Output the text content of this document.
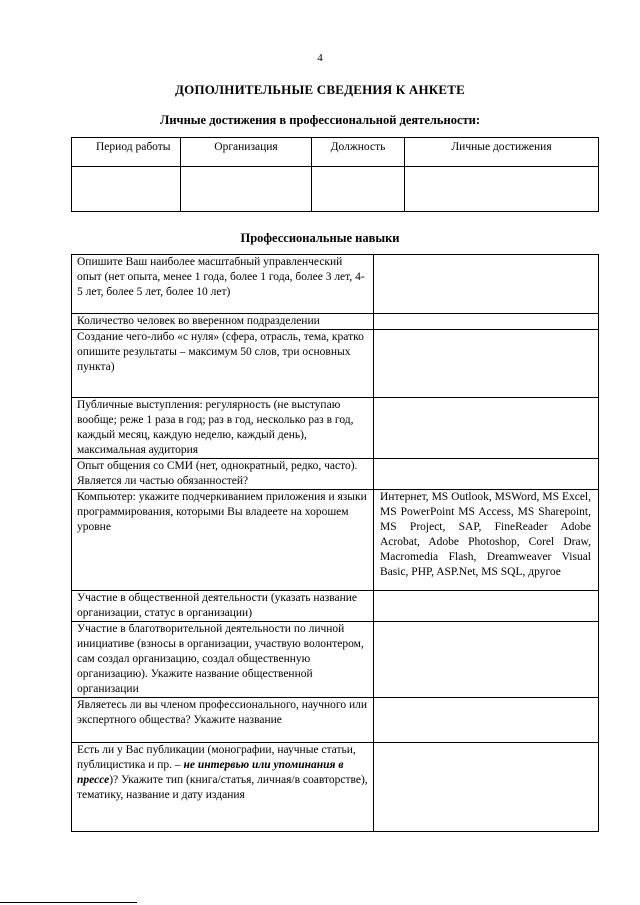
4
ДОПОЛНИТЕЛЬНЫЕ СВЕДЕНИЯ К АНКЕТЕ
Личные достижения в профессиональной деятельности:
Период работы	Организация	Должность	Личные достижения

Профессиональные навыки
Опишите Ваш наиболее масштабный управленческий опыт (нет опыта, менее 1 года, более 1 года, более 3 лет, 4-5 лет, более 5 лет, более 10 лет)	
Количество человек во вверенном подразделении	
Создание чего-либо «с нуля» (сфера, отрасль, тема, кратко опишите результаты – максимум 50 слов, три основных пункта)	
Публичные выступления: регулярность (не выступаю вообще; реже 1 раза в год; раз в год, несколько раз в год, каждый месяц, каждую неделю, каждый день), максимальная аудитория	
Опыт общения со СМИ (нет, однократный, редко, часто). Является ли частью обязанностей?	
Компьютер: укажите подчеркиванием приложения и языки программирования, которыми Вы владеете на хорошем уровне	Интернет, MS Outlook, MSWord, MS Excel, MS PowerPoint MS Access, MS Sharepoint, MS Project, SAP, FineReader Adobe Acrobat, Adobe Photoshop, Corel Draw, Macromedia Flash, Dreamweaver Visual Basic, PHP, ASP.Net, MS SQL, другое
Участие в общественной деятельности (указать название организации, статус в организации)	
Участие в благотворительной деятельности по личной инициативе (взносы в организации, участвую волонтером, сам создал организацию, создал общественную организацию). Укажите название общественной организации	
Являетесь ли вы членом профессионального, научного или экспертного общества? Укажите название	
Есть ли у Вас публикации (монографии, научные статьи, публицистика и пр. – не интервью или упоминания в прессе)? Укажите тип (книга/статья, личная/в соавторстве), тематику, название и дату издания	
